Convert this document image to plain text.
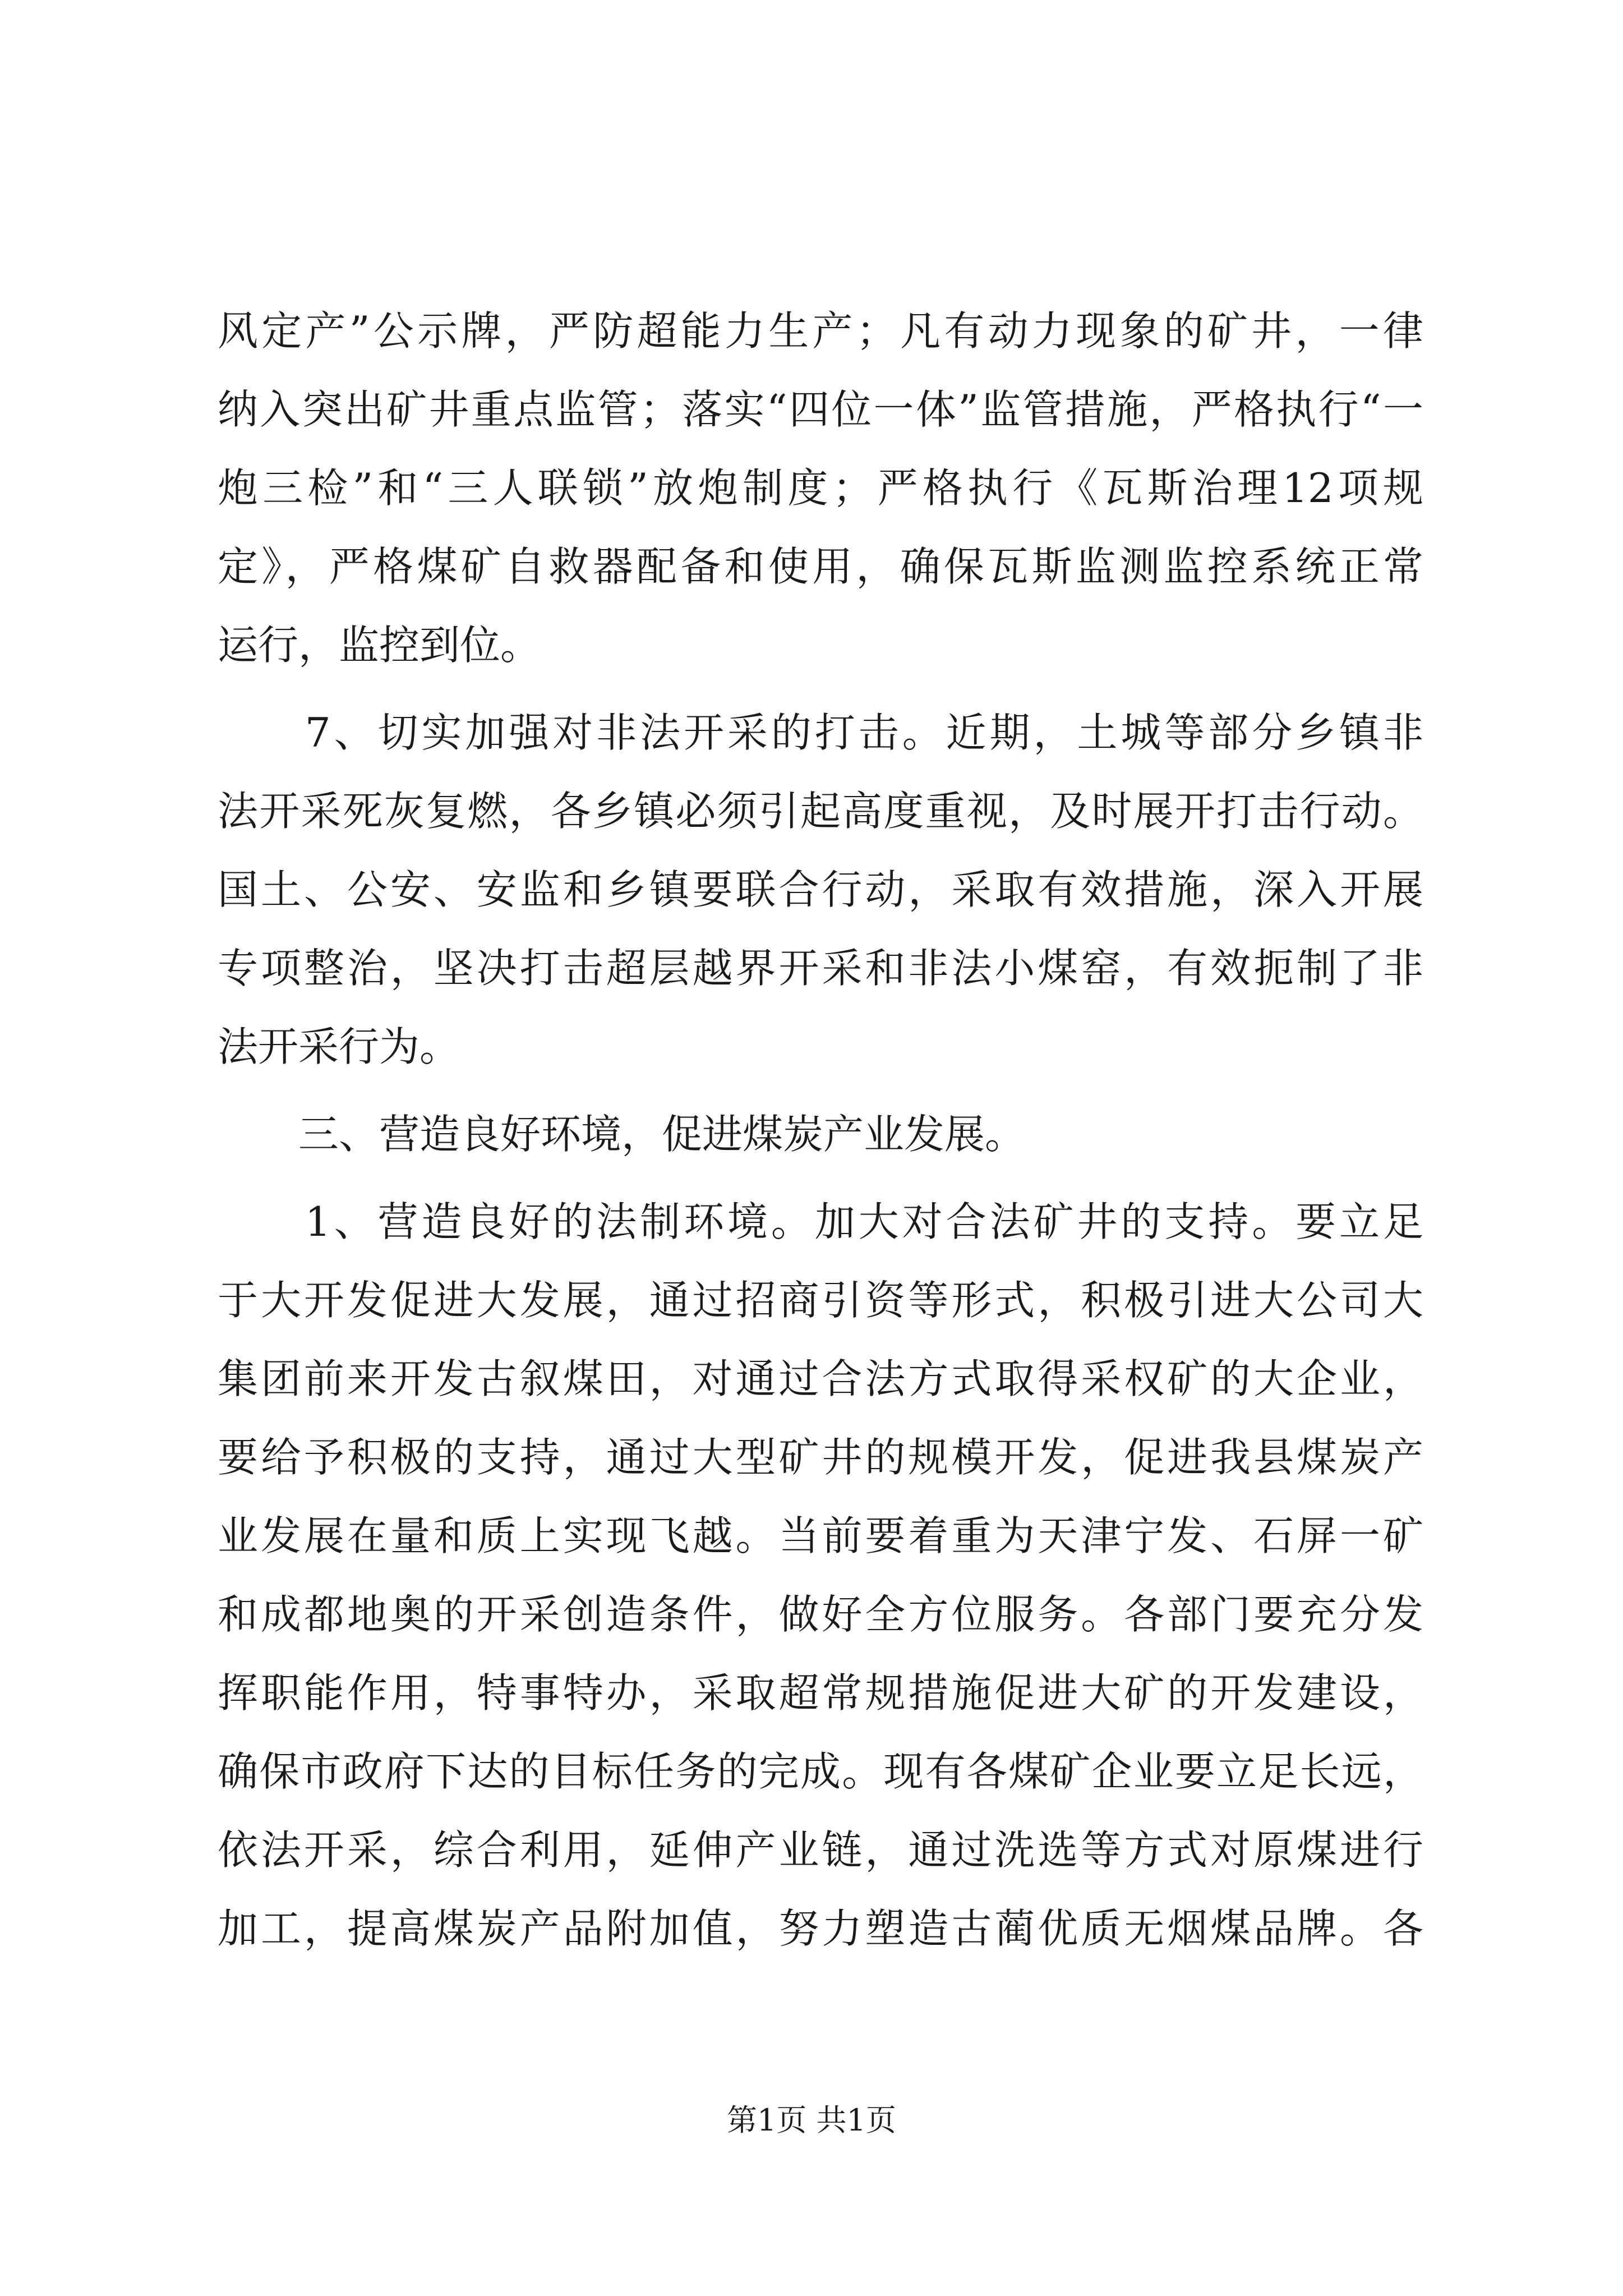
风定产”公示牌，严防超能力生产；凡有动力现象的矿井，一律
纳入突出矿井重点监管；落实“四位一体”监管措施，严格执行“一
炮三检”和“三人联锁”放炮制度；严格执行《瓦斯治理12项规
定》，严格煤矿自救器配备和使用，确保瓦斯监测监控系统正常
运行，监控到位。
　　7、切实加强对非法开采的打击。近期，土城等部分乡镇非
法开采死灰复燃，各乡镇必须引起高度重视，及时展开打击行动。
国土、公安、安监和乡镇要联合行动，采取有效措施，深入开展
专项整治，坚决打击超层越界开采和非法小煤窑，有效扼制了非
法开采行为。
　　三、营造良好环境，促进煤炭产业发展。
　　1、营造良好的法制环境。加大对合法矿井的支持。要立足
于大开发促进大发展，通过招商引资等形式，积极引进大公司大
集团前来开发古叙煤田，对通过合法方式取得采权矿的大企业，
要给予积极的支持，通过大型矿井的规模开发，促进我县煤炭产
业发展在量和质上实现飞越。当前要着重为天津宁发、石屏一矿
和成都地奥的开采创造条件，做好全方位服务。各部门要充分发
挥职能作用，特事特办，采取超常规措施促进大矿的开发建设，
确保市政府下达的目标任务的完成。现有各煤矿企业要立足长远，
依法开采，综合利用，延伸产业链，通过洗选等方式对原煤进行
加工，提高煤炭产品附加值，努力塑造古蔺优质无烟煤品牌。各
第1页 共1页
